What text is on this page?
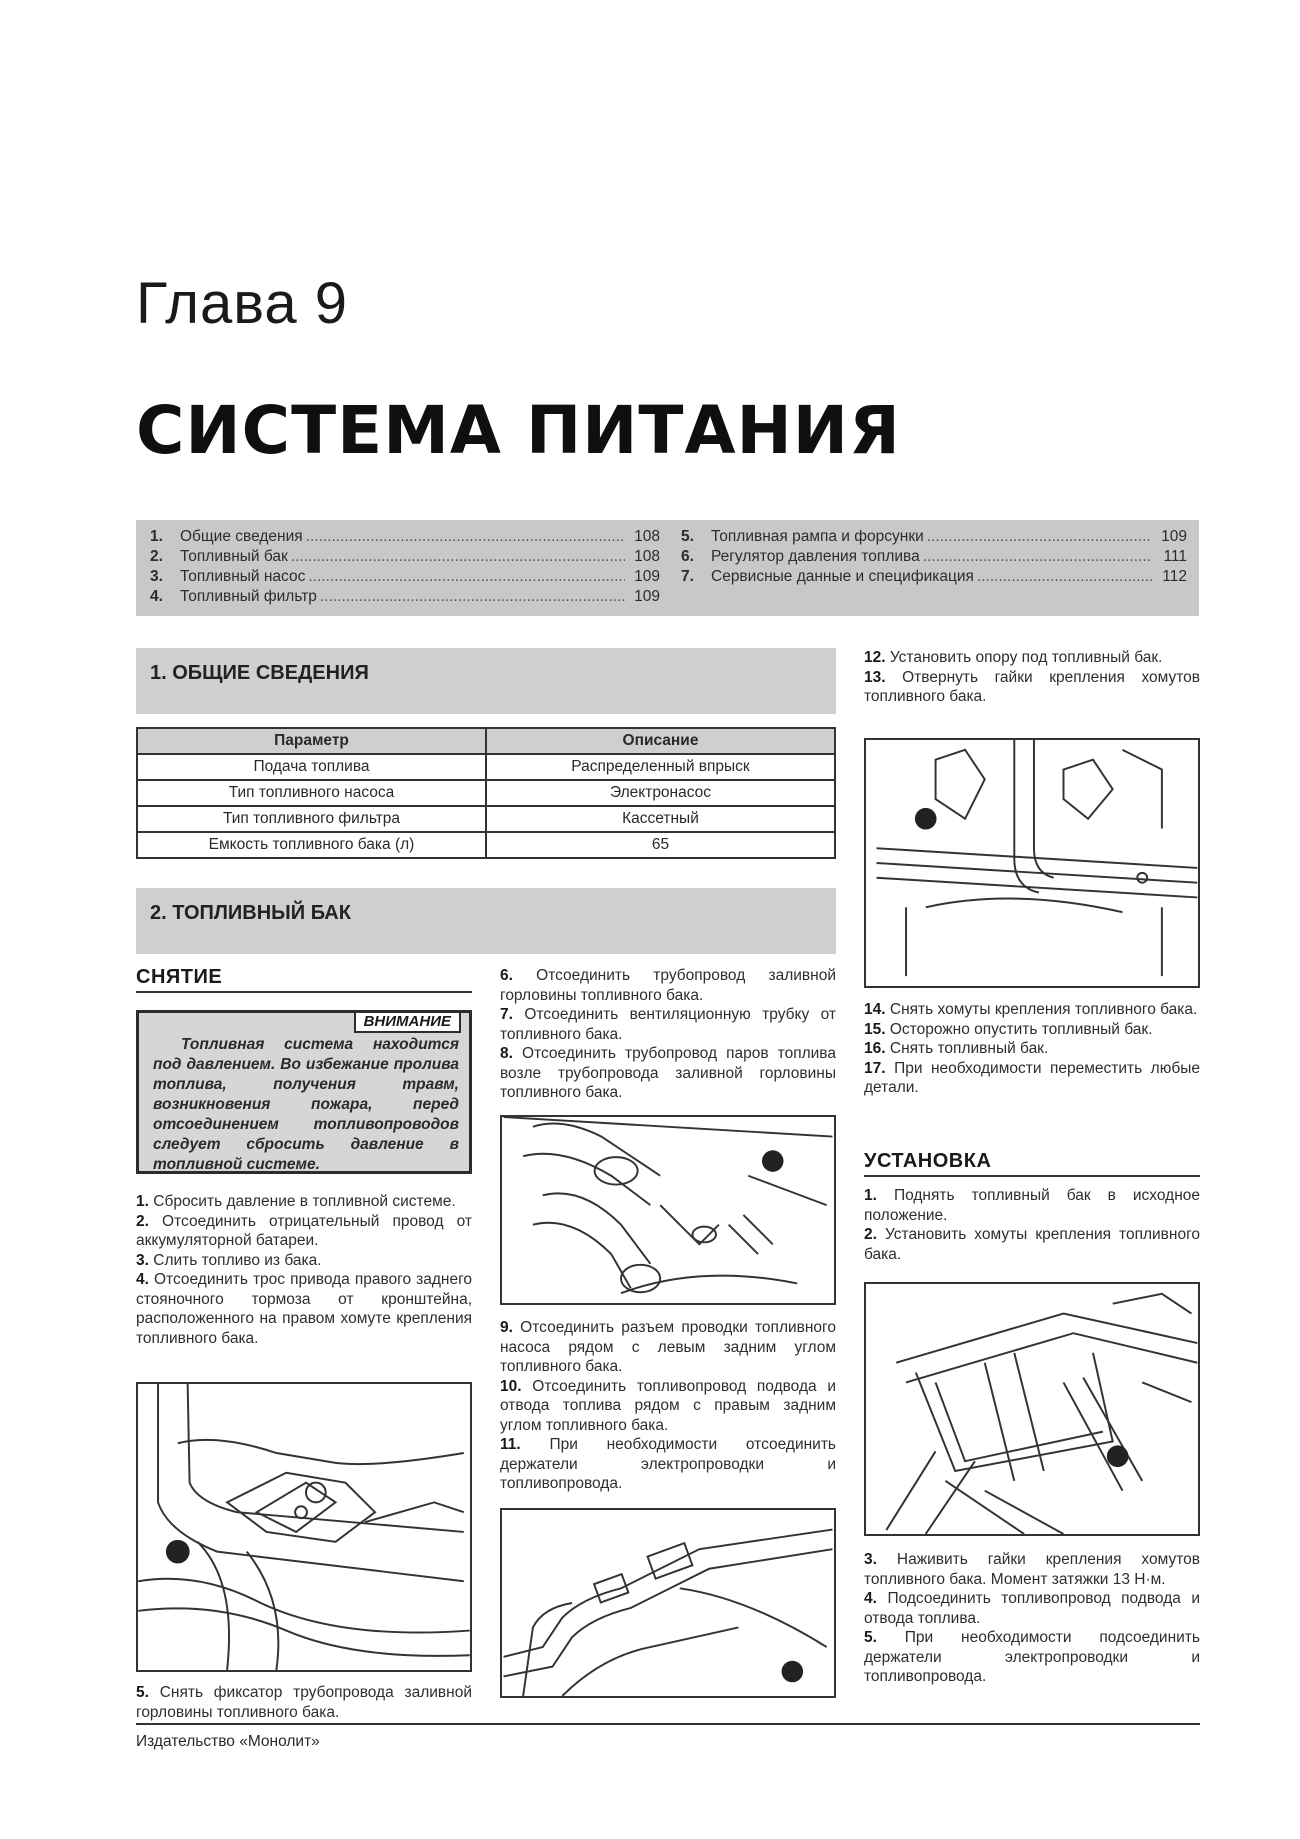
Глава 9
СИСТЕМА ПИТАНИЯ
1.	Общие сведения .....	108
2.	Топливный бак .....	108
3.	Топливный насос .....	109
4.	Топливный фильтр .....	109
5.	Топливная рампа и форсунки .....	109
6.	Регулятор давления топлива .....	111
7.	Сервисные данные и спецификация .....	112
1. ОБЩИЕ СВЕДЕНИЯ
Параметр	Описание
Подача топлива	Распределенный впрыск
Тип топливного насоса	Электронасос
Тип топливного фильтра	Кассетный
Емкость топливного бака (л)	65
2. ТОПЛИВНЫЙ БАК
СНЯТИЕ
ВНИМАНИЕ
Топливная система находится под давлением. Во избежание пролива топлива, получения травм, возникновения пожара, перед отсоединением топливопроводов следует сбросить давление в топливной системе.

1. Сбросить давление в топливной системе.

2. Отсоединить отрицательный провод от аккумуляторной батареи.

3. Слить топливо из бака.

4. Отсоединить трос привода правого заднего стояночного тормоза от кронштейна, расположенного на правом хомуте крепления топливного бака.

5. Снять фиксатор трубопровода заливной горловины топливного бака.

6. Отсоединить трубопровод заливной горловины топливного бака.

7. Отсоединить вентиляционную трубку от топливного бака.

8. Отсоединить трубопровод паров топлива возле трубопровода заливной горловины топливного бака.

9. Отсоединить разъем проводки топливного насоса рядом с левым задним углом топливного бака.

10. Отсоединить топливопровод подвода и отвода топлива рядом с правым задним углом топливного бака.

11. При необходимости отсоединить держатели электропроводки и топливопровода.

12. Установить опору под топливный бак.

13. Отвернуть гайки крепления хомутов топливного бака.

14. Снять хомуты крепления топливного бака.

15. Осторожно опустить топливный бак.

16. Снять топливный бак.

17. При необходимости переместить любые детали.

УСТАНОВКА

1. Поднять топливный бак в исходное положение.

2. Установить хомуты крепления топливного бака.

3. Наживить гайки крепления хомутов топливного бака. Момент затяжки 13 Н·м.

4. Подсоединить топливопровод подвода и отвода топлива.

5. При необходимости подсоединить держатели электропроводки и топливопровода.

Издательство «Монолит»
